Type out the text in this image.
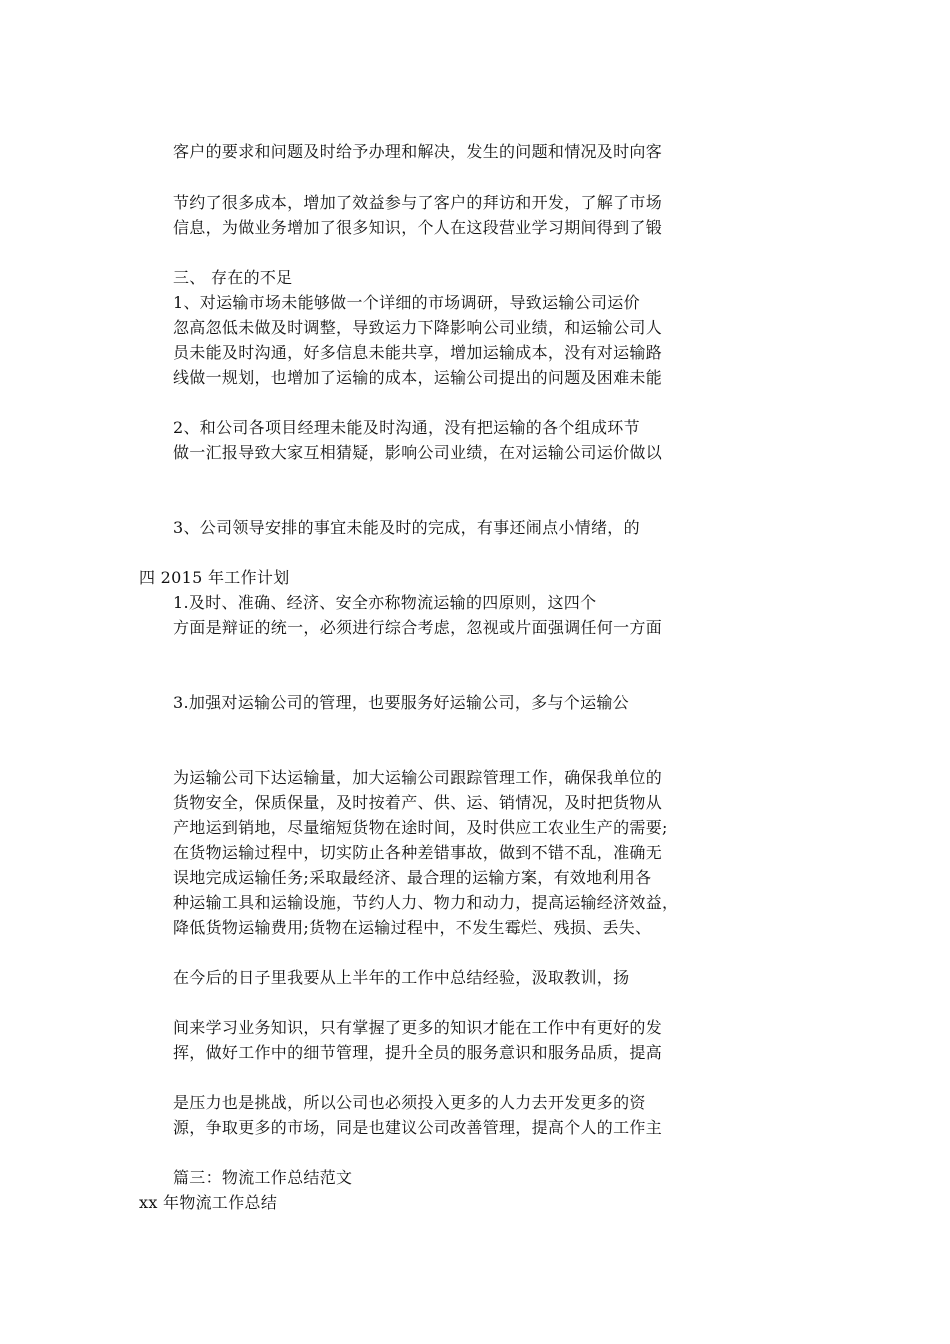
客户的要求和问题及时给予办理和解决，发生的问题和情况及时向客
节约了很多成本，增加了效益参与了客户的拜访和开发，了解了市场
信息，为做业务增加了很多知识，个人在这段营业学习期间得到了锻
三、 存在的不足
1、对运输市场未能够做一个详细的市场调研，导致运输公司运价
忽高忽低未做及时调整，导致运力下降影响公司业绩，和运输公司人
员未能及时沟通，好多信息未能共享，增加运输成本，没有对运输路
线做一规划，也增加了运输的成本，运输公司提出的问题及困难未能
2、和公司各项目经理未能及时沟通，没有把运输的各个组成环节
做一汇报导致大家互相猜疑，影响公司业绩，在对运输公司运价做以
3、公司领导安排的事宜未能及时的完成，有事还闹点小情绪，的
四 2015 年工作计划
1.及时、准确、经济、安全亦称物流运输的四原则，这四个
方面是辩证的统一，必须进行综合考虑，忽视或片面强调任何一方面
3.加强对运输公司的管理，也要服务好运输公司，多与个运输公
为运输公司下达运输量，加大运输公司跟踪管理工作，确保我单位的
货物安全，保质保量，及时按着产、供、运、销情况，及时把货物从
产地运到销地，尽量缩短货物在途时间，及时供应工农业生产的需要;
在货物运输过程中，切实防止各种差错事故，做到不错不乱，准确无
误地完成运输任务;采取最经济、最合理的运输方案，有效地利用各
种运输工具和运输设施，节约人力、物力和动力，提高运输经济效益，
降低货物运输费用;货物在运输过程中，不发生霉烂、残损、丢失、
在今后的日子里我要从上半年的工作中总结经验，汲取教训，扬
间来学习业务知识，只有掌握了更多的知识才能在工作中有更好的发
挥，做好工作中的细节管理，提升全员的服务意识和服务品质，提高
是压力也是挑战，所以公司也必须投入更多的人力去开发更多的资
源，争取更多的市场，同是也建议公司改善管理，提高个人的工作主
篇三：物流工作总结范文
xx 年物流工作总结
